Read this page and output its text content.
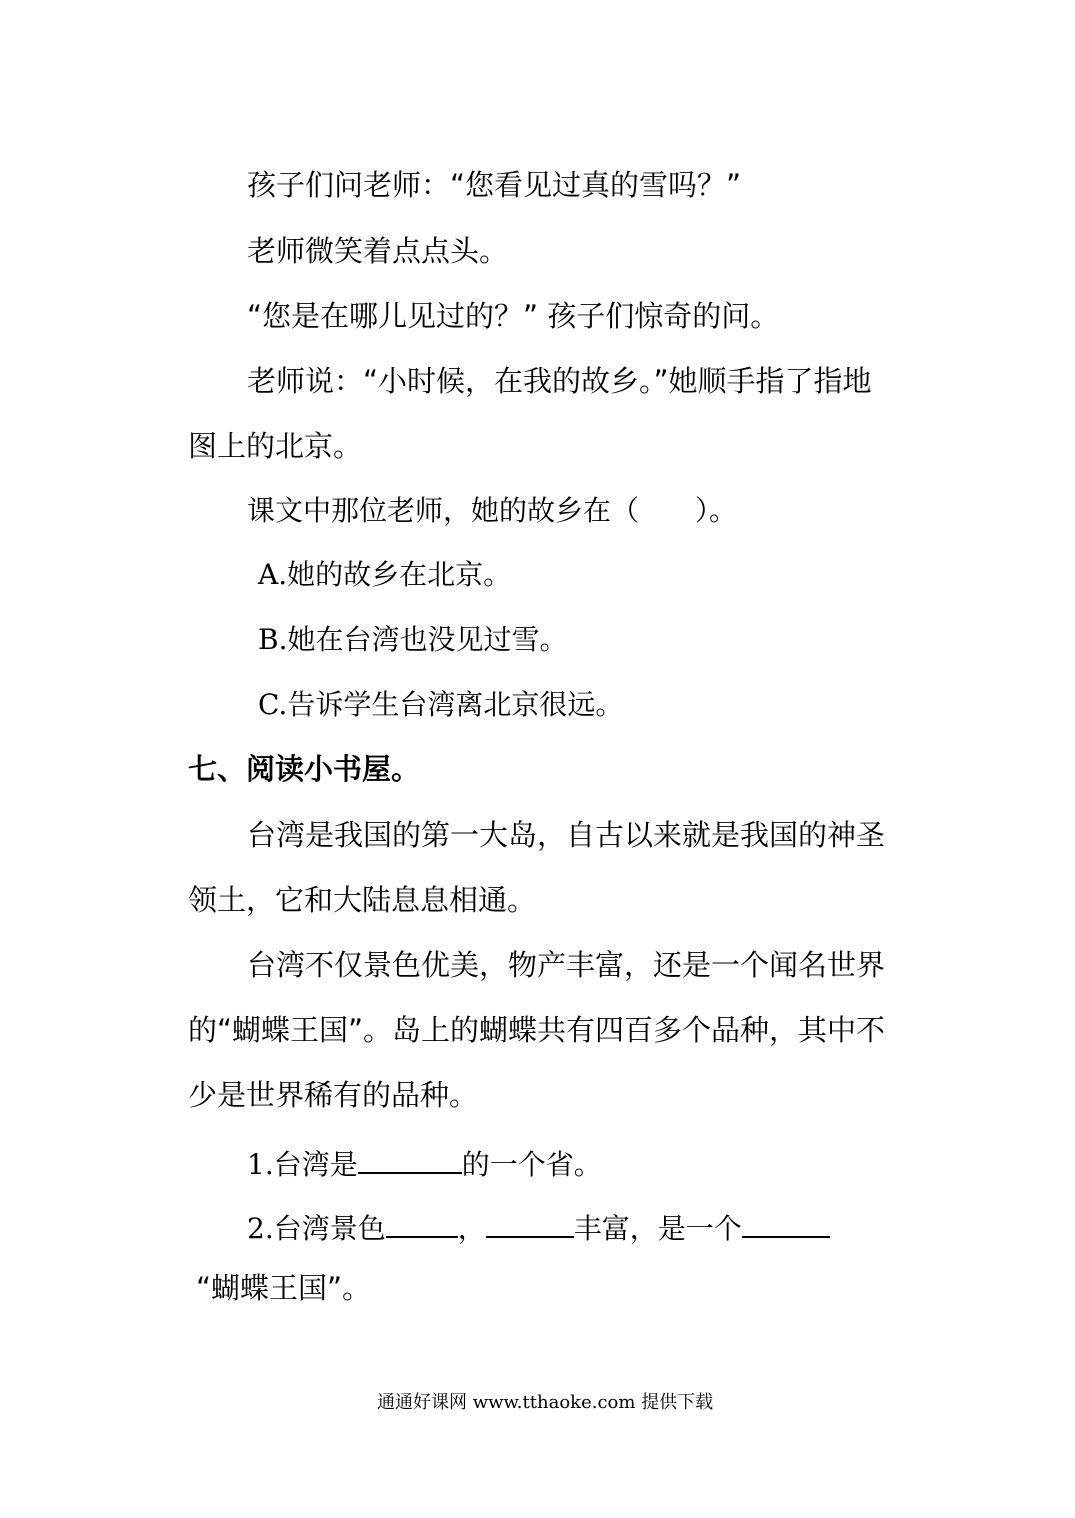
孩子们问老师：“您看见过真的雪吗？”
老师微笑着点点头。
“您是在哪儿见过的？” 孩子们惊奇的问。
老师说：“小时候，在我的故乡。”她顺手指了指地
图上的北京。
课文中那位老师，她的故乡在（　　）。
A.她的故乡在北京。
B.她在台湾也没见过雪。
C.告诉学生台湾离北京很远。
七、阅读小书屋。
台湾是我国的第一大岛，自古以来就是我国的神圣
领土，它和大陆息息相通。
台湾不仅景色优美，物产丰富，还是一个闻名世界
的“蝴蝶王国”。岛上的蝴蝶共有四百多个品种，其中不
少是世界稀有的品种。
1.台湾是	的一个省。
2.台湾景色	，	丰富，是一个
“蝴蝶王国”。
通通好课网 www.tthaoke.com 提供下载
